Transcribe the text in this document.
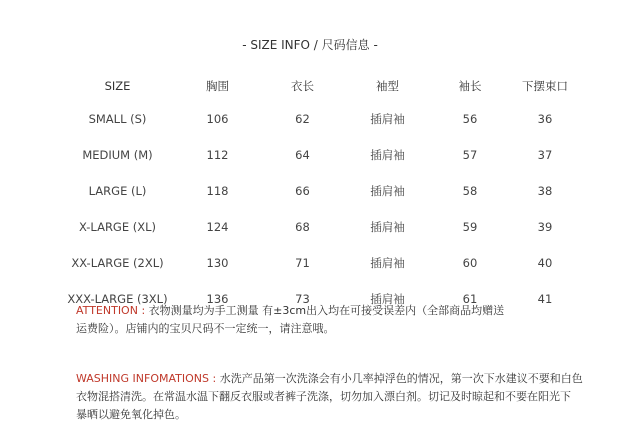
- SIZE INFO / 尺码信息 -
SIZE	胸围	衣长	袖型	袖长	下摆束口
SMALL (S)	106	62	插肩袖	56	36
MEDIUM (M)	112	64	插肩袖	57	37
LARGE (L)	118	66	插肩袖	58	38
X-LARGE (XL)	124	68	插肩袖	59	39
XX-LARGE (2XL)	130	71	插肩袖	60	40
XXX-LARGE (3XL)	136	73	插肩袖	61	41
ATTENTION : 衣物测量均为手工测量 有±3cm出入均在可接受误差内（全部商品均赠送
运费险）。店铺内的宝贝尺码不一定统一，请注意哦。
WASHING INFOMATIONS : 水洗产品第一次洗涤会有小几率掉浮色的情况，第一次下水建议不要和白色
衣物混搭清洗。在常温水温下翻反衣服或者裤子洗涤，切勿加入漂白剂。切记及时晾起和不要在阳光下
暴晒以避免氧化掉色。
